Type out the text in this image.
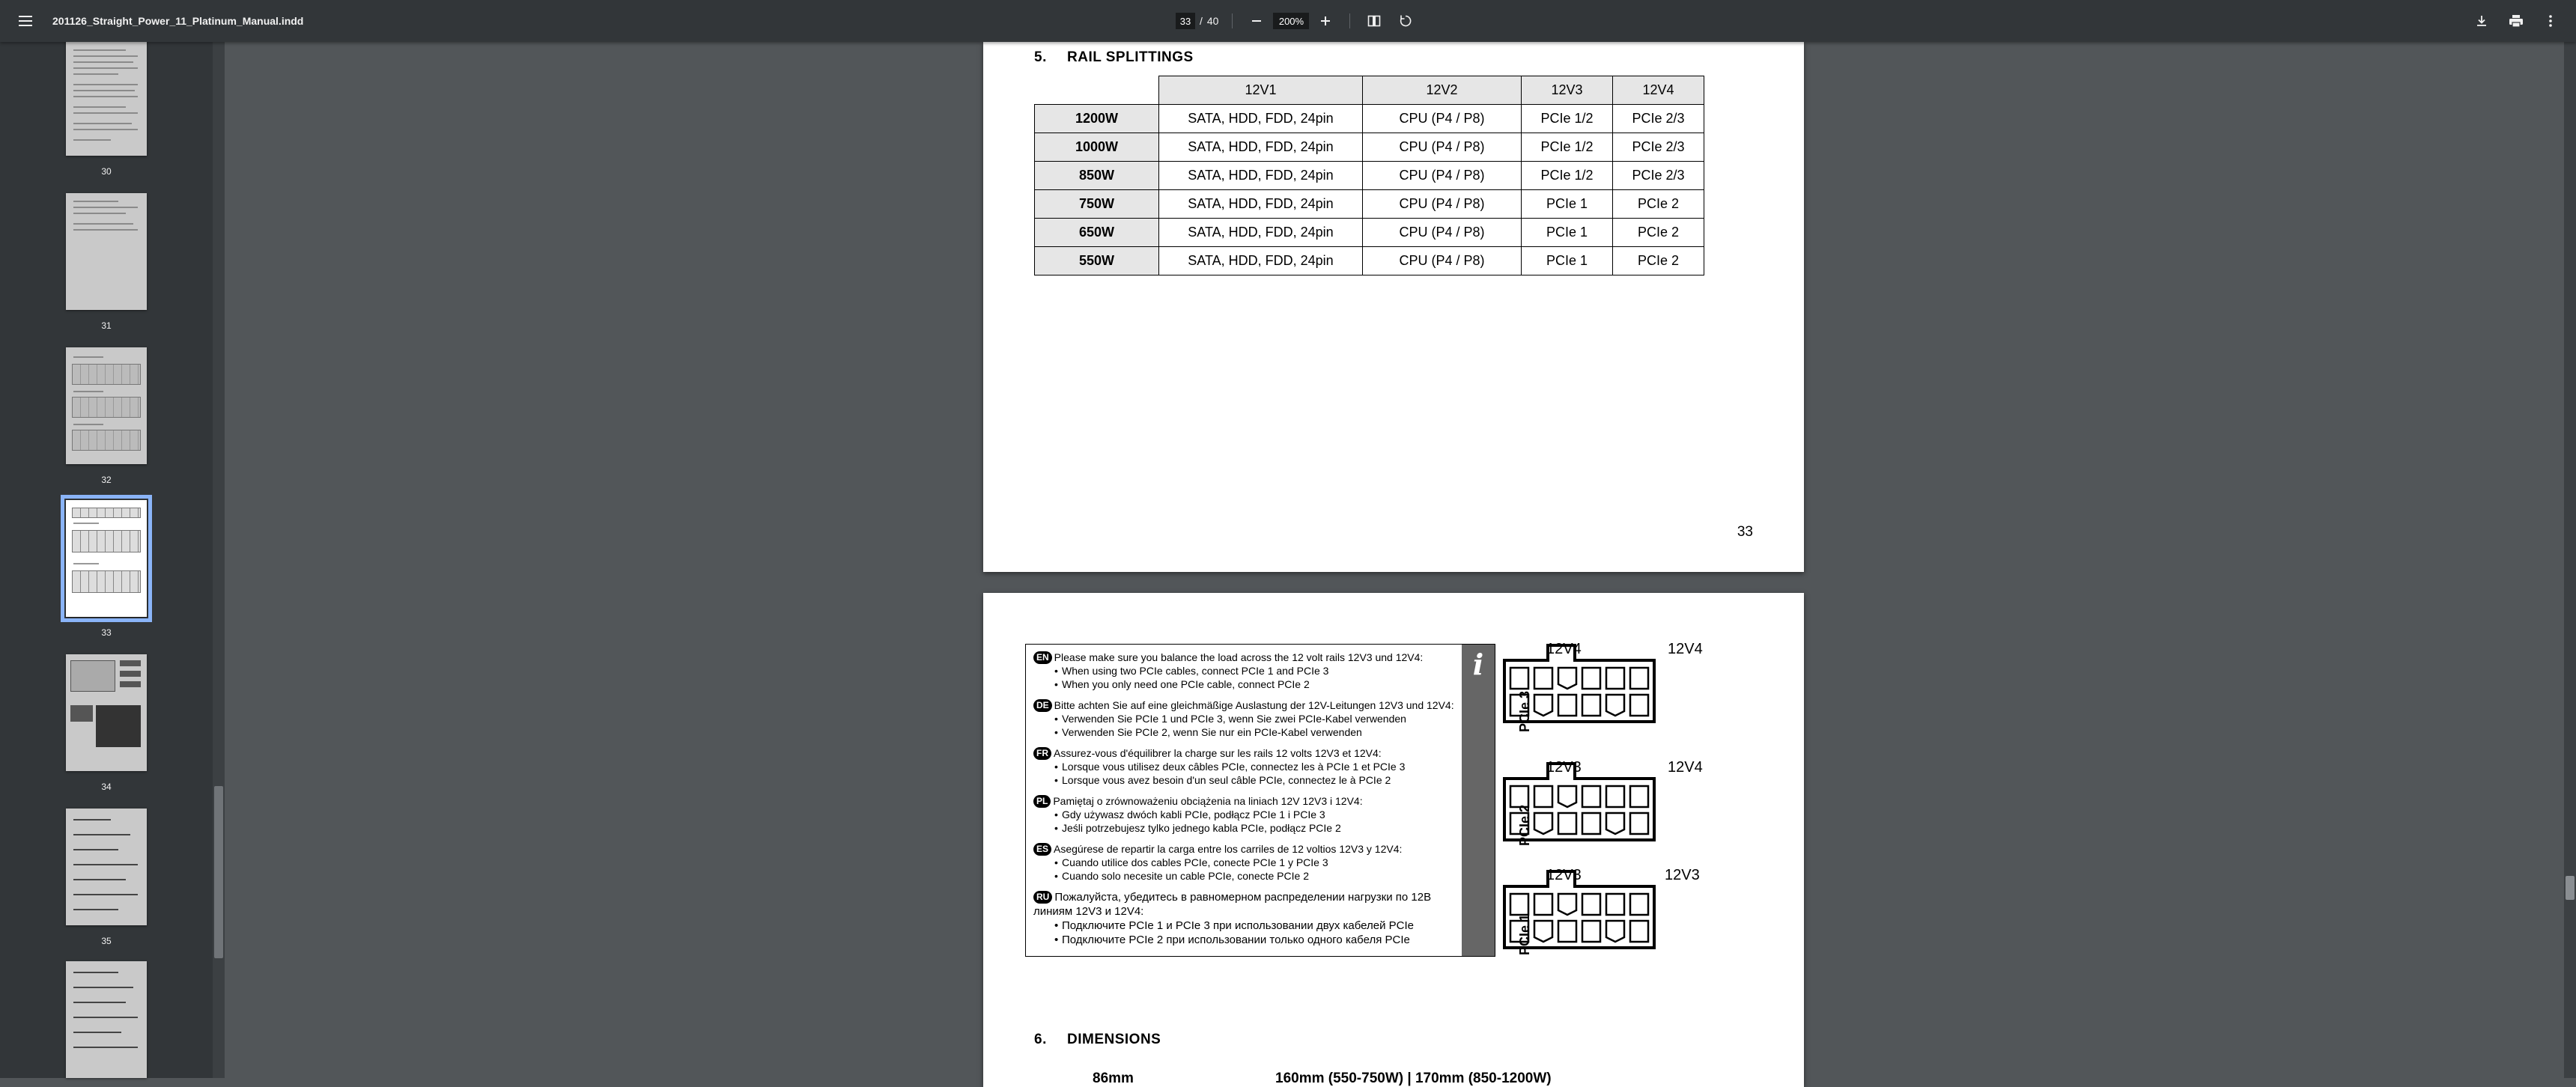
201126_Straight_Power_11_Platinum_Manual.indd
33	/ 40
200%
30
31
32
33
34
35
5. RAIL SPLITTINGS
	12V1	12V2	12V3	12V4
1200W	SATA, HDD, FDD, 24pin	CPU (P4 / P8)	PCIe 1/2	PCIe 2/3
1000W	SATA, HDD, FDD, 24pin	CPU (P4 / P8)	PCIe 1/2	PCIe 2/3
850W	SATA, HDD, FDD, 24pin	CPU (P4 / P8)	PCIe 1/2	PCIe 2/3
750W	SATA, HDD, FDD, 24pin	CPU (P4 / P8)	PCIe 1	PCIe 2
650W	SATA, HDD, FDD, 24pin	CPU (P4 / P8)	PCIe 1	PCIe 2
550W	SATA, HDD, FDD, 24pin	CPU (P4 / P8)	PCIe 1	PCIe 2
33
i
EN Please make sure you balance the load across the 12 volt rails 12V3 und 12V4:
• When using two PCIe cables, connect PCIe 1 and PCIe 3
• When you only need one PCIe cable, connect PCIe 2
DE Bitte achten Sie auf eine gleichmäßige Auslastung der 12V-Leitungen 12V3 und 12V4:
• Verwenden Sie PCIe 1 und PCIe 3, wenn Sie zwei PCIe-Kabel verwenden
• Verwenden Sie PCIe 2, wenn Sie nur ein PCIe-Kabel verwenden
FR Assurez-vous d'équilibrer la charge sur les rails 12 volts 12V3 et 12V4:
• Lorsque vous utilisez deux câbles PCIe, connectez les à PCIe 1 et PCIe 3
• Lorsque vous avez besoin d'un seul câble PCIe, connectez le à PCIe 2
PL Pamiętaj o zrównoważeniu obciążenia na liniach 12V 12V3 i 12V4:
• Gdy używasz dwóch kabli PCIe, podłącz PCIe 1 i PCIe 3
• Jeśli potrzebujesz tylko jednego kabla PCIe, podłącz PCIe 2
ES Asegúrese de repartir la carga entre los carriles de 12 voltios 12V3 y 12V4:
• Cuando utilice dos cables PCIe, conecte PCIe 1 y PCIe 3
• Cuando solo necesite un cable PCIe, conecte PCIe 2
RU Пожалуйста, убедитесь в равномерном распределении нагрузки по 12В линиям 12V3 и 12V4:
• Подключите PCIe 1 и PCIe 3 при использовании двух кабелей PCIe
• Подключите PCIe 2 при использовании только одного кабеля PCIe
12V4	12V4
PCIe 3
12V3	12V4
PCIe 2
12V3	12V3
PCIe 1
6. DIMENSIONS
86mm	160mm (550-750W) | 170mm (850-1200W)
